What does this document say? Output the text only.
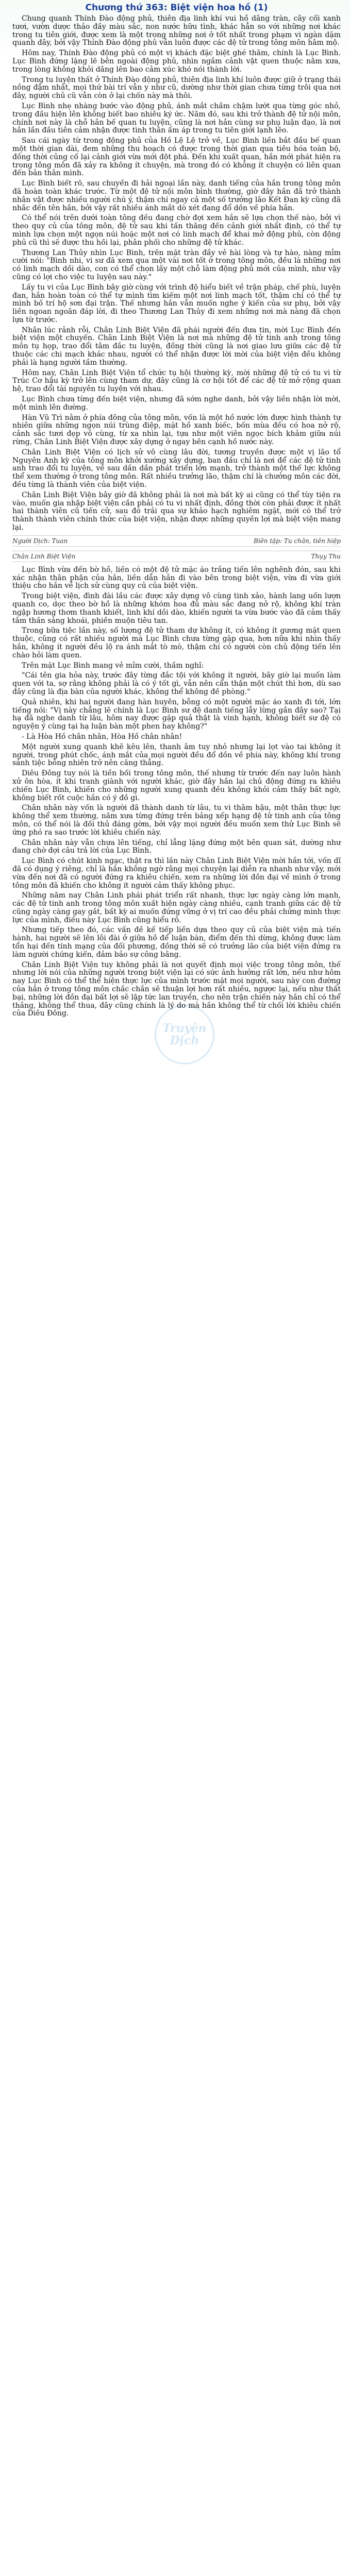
Chương thứ 363: Biệt viện hoa hồ (1)
Truyện
Dịch

Chung quanh Thính Đào động phủ, thiên địa linh khí vui hồ dâng tràn, cây cối xanh tươi, vườn dược thảo đầy màu sắc, non nước hữu tình, khác hẳn so với những nơi khác trong tu tiên giới, được xem là một trong những nơi ở tốt nhất trong phạm vi ngàn dặm quanh đây, bởi vậy Thính Đào động phủ vẫn luôn được các đệ tử trong tông môn hâm mộ.

Hôm nay, Thính Đào động phủ có một vị khách đặc biệt ghé thăm, chính là Lục Bình. Lục Bình đứng lặng lẽ bên ngoài động phủ, nhìn ngắm cảnh vật quen thuộc năm xưa, trong lòng không khỏi dâng lên bao cảm xúc khó nói thành lời.

Trong tu luyện thất ở Thính Đào động phủ, thiên địa linh khí luôn được giữ ở trạng thái nồng đậm nhất, mọi thứ bài trí vẫn y như cũ, dường như thời gian chưa từng trôi qua nơi đây, người chủ cũ vẫn còn ở lại chốn này mà thôi.

Lục Bình nhẹ nhàng bước vào động phủ, ánh mắt chầm chậm lướt qua từng góc nhỏ, trong đầu hiện lên không biết bao nhiêu ký ức. Năm đó, sau khi trở thành đệ tử nội môn, chính nơi này là chỗ hắn bế quan tu luyện, cũng là nơi hắn cùng sư phụ luận đạo, là nơi hắn lần đầu tiên cảm nhận được tình thân ấm áp trong tu tiên giới lạnh lẽo.

Sau cái ngày từ trong động phủ của Hồ Lệ Lệ trở về, Lục Bình liền bắt đầu bế quan một thời gian dài, đem những thu hoạch có được trong thời gian qua tiêu hóa toàn bộ, đồng thời củng cố lại cảnh giới vừa mới đột phá. Đến khi xuất quan, hắn mới phát hiện ra trong tông môn đã xảy ra không ít chuyện, mà trong đó có không ít chuyện có liên quan đến bản thân mình.

Lục Bình biết rõ, sau chuyến đi hải ngoại lần này, danh tiếng của hắn trong tông môn đã hoàn toàn khác trước. Từ một đệ tử nội môn bình thường, giờ đây hắn đã trở thành nhân vật được nhiều người chú ý, thậm chí ngay cả một số trưởng lão Kết Đan kỳ cũng đã nhắc đến tên hắn, bởi vậy rất nhiều ánh mắt dò xét đang đổ dồn về phía hắn.

Có thể nói trên dưới toàn tông đều đang chờ đợi xem hắn sẽ lựa chọn thế nào, bởi vì theo quy củ của tông môn, đệ tử sau khi tấn thăng đến cảnh giới nhất định, có thể tự mình lựa chọn một ngọn núi hoặc một nơi có linh mạch để khai mở động phủ, còn động phủ cũ thì sẽ được thu hồi lại, phân phối cho những đệ tử khác.

Thương Lan Thủy nhìn Lục Bình, trên mặt tràn đầy vẻ hài lòng và tự hào, nàng mỉm cười nói: "Bình nhi, vi sư đã xem qua một vài nơi tốt ở trong tông môn, đều là những nơi có linh mạch dồi dào, con có thể chọn lấy một chỗ làm động phủ mới của mình, như vậy cũng có lợi cho việc tu luyện sau này."

Lấy tu vi của Lục Bình bây giờ cùng với trình độ hiểu biết về trận pháp, chế phù, luyện đan, hắn hoàn toàn có thể tự mình tìm kiếm một nơi linh mạch tốt, thậm chí có thể tự mình bố trí hộ sơn đại trận. Thế nhưng hắn vẫn muốn nghe ý kiến của sư phụ, bởi vậy liền ngoan ngoãn đáp lời, đi theo Thương Lan Thủy đi xem những nơi mà nàng đã chọn lựa từ trước.

Nhân lúc rảnh rỗi, Chân Linh Biệt Viện đã phái người đến đưa tin, mời Lục Bình đến biệt viện một chuyến. Chân Linh Biệt Viện là nơi mà những đệ tử tinh anh trong tông môn tụ họp, trao đổi tâm đắc tu luyện, đồng thời cũng là nơi giao lưu giữa các đệ tử thuộc các chi mạch khác nhau, người có thể nhận được lời mời của biệt viện đều không phải là hạng người tầm thường.

Hôm nay, Chân Linh Biệt Viện tổ chức tụ hội thường kỳ, mời những đệ tử có tu vi từ Trúc Cơ hậu kỳ trở lên cùng tham dự, đây cũng là cơ hội tốt để các đệ tử mở rộng quan hệ, trao đổi tài nguyên tu luyện với nhau.

Lục Bình chưa từng đến biệt viện, nhưng đã sớm nghe danh, bởi vậy liền nhận lời mời, một mình lên đường.

Hàn Vũ Trì nằm ở phía đông của tông môn, vốn là một hồ nước lớn được hình thành tự nhiên giữa những ngọn núi trùng điệp, mặt hồ xanh biếc, bốn mùa đều có hoa nở rộ, cảnh sắc tươi đẹp vô cùng, từ xa nhìn lại, tựa như một viên ngọc bích khảm giữa núi rừng, Chân Linh Biệt Viện được xây dựng ở ngay bên cạnh hồ nước này.

Chân Linh Biệt Viện có lịch sử vô cùng lâu đời, tương truyền được một vị lão tổ Nguyên Anh kỳ của tông môn khởi xướng xây dựng, ban đầu chỉ là nơi để các đệ tử tinh anh trao đổi tu luyện, về sau dần dần phát triển lớn mạnh, trở thành một thế lực không thể xem thường ở trong tông môn. Rất nhiều trưởng lão, thậm chí là chưởng môn các đời, đều từng là thành viên của biệt viện.

Chân Linh Biệt Viện bây giờ đã không phải là nơi mà bất kỳ ai cũng có thể tùy tiện ra vào, muốn gia nhập biệt viện cần phải có tu vi nhất định, đồng thời còn phải được ít nhất hai thành viên cũ tiến cử, sau đó trải qua sự khảo hạch nghiêm ngặt, mới có thể trở thành thành viên chính thức của biệt viện, nhận được những quyền lợi mà biệt viện mang lại.

Người Dịch: Tuan	Biên tập: Tu chân, tiên hiệp
Chân Linh Biệt Viện	Thụy Thu

Lục Bình vừa đến bờ hồ, liền có một đệ tử mặc áo trắng tiến lên nghênh đón, sau khi xác nhận thân phận của hắn, liền dẫn hắn đi vào bên trong biệt viện, vừa đi vừa giới thiệu cho hắn về lịch sử cùng quy củ của biệt viện.

Trong biệt viện, đình đài lầu các được xây dựng vô cùng tinh xảo, hành lang uốn lượn quanh co, dọc theo bờ hồ là những khóm hoa đủ màu sắc đang nở rộ, không khí tràn ngập hương thơm thanh khiết, linh khí dồi dào, khiến người ta vừa bước vào đã cảm thấy tâm thần sảng khoái, phiền muộn tiêu tan.

Trong bữa tiệc lần này, số lượng đệ tử tham dự không ít, có không ít gương mặt quen thuộc, cũng có rất nhiều người mà Lục Bình chưa từng gặp qua, hơn nữa khi nhìn thấy hắn, không ít người đều lộ ra ánh mắt tò mò, thậm chí có người còn chủ động tiến lên chào hỏi làm quen.

Trên mặt Lục Bình mang vẻ mỉm cười, thầm nghĩ:

"Cái tên gia hỏa này, trước đây từng đắc tội với không ít người, bây giờ lại muốn làm quen với ta, sợ rằng không phải là có ý tốt gì, vẫn nên cẩn thận một chút thì hơn, dù sao đây cũng là địa bàn của người khác, không thể không đề phòng."

Quả nhiên, khi hai người đang hàn huyên, bỗng có một người mặc áo xanh đi tới, lớn tiếng nói: "Vị này chẳng lẽ chính là Lục Bình sư đệ danh tiếng lẫy lừng gần đây sao? Tại hạ đã nghe danh từ lâu, hôm nay được gặp quả thật là vinh hạnh, không biết sư đệ có nguyện ý cùng tại hạ luận bàn một phen hay không?"

- Là Hòa Hồ chân nhân, Hòa Hồ chân nhân!

Một người xung quanh khẽ kêu lên, thanh âm tuy nhỏ nhưng lại lọt vào tai không ít người, trong phút chốc, ánh mắt của mọi người đều đổ dồn về phía này, không khí trong sảnh tiệc bỗng nhiên trở nên căng thẳng.

Diêu Đông tuy nói là tiền bối trong tông môn, thế nhưng từ trước đến nay luôn hành xử ôn hòa, ít khi tranh giành với người khác, giờ đây hắn lại chủ động đứng ra khiêu chiến Lục Bình, khiến cho những người xung quanh đều không khỏi cảm thấy bất ngờ, không biết rốt cuộc hắn có ý đồ gì.

Chân nhân này vốn là người đã thành danh từ lâu, tu vi thâm hậu, một thân thực lực không thể xem thường, năm xưa từng đứng trên bảng xếp hạng đệ tử tinh anh của tông môn, có thể nói là đối thủ đáng gờm, bởi vậy mọi người đều muốn xem thử Lục Bình sẽ ứng phó ra sao trước lời khiêu chiến này.

Chân nhân này vẫn chưa lên tiếng, chỉ lẳng lặng đứng một bên quan sát, dường như đang chờ đợi câu trả lời của Lục Bình.

Lục Bình có chút kinh ngạc, thật ra thì lần này Chân Linh Biệt Viện mời hắn tới, vốn dĩ đã có dụng ý riêng, chỉ là hắn không ngờ rằng mọi chuyện lại diễn ra nhanh như vậy, mới vừa đến nơi đã có người đứng ra khiêu chiến, xem ra những lời đồn đại về mình ở trong tông môn đã khiến cho không ít người cảm thấy không phục.

Những năm nay Chân Linh phái phát triển rất nhanh, thực lực ngày càng lớn mạnh, các đệ tử tinh anh trong tông môn xuất hiện ngày càng nhiều, cạnh tranh giữa các đệ tử cũng ngày càng gay gắt, bất kỳ ai muốn đứng vững ở vị trí cao đều phải chứng minh thực lực của mình, điều này Lục Bình cũng hiểu rõ.

Nhưng tiếp theo đó, các vấn đề kế tiếp liền dựa theo quy củ của biệt viện mà tiến hành, hai người sẽ lên lôi đài ở giữa hồ để luận bàn, điểm đến thì dừng, không được làm tổn hại đến tính mạng của đối phương, đồng thời sẽ có trưởng lão của biệt viện đứng ra làm người chứng kiến, đảm bảo sự công bằng.

Chân Linh Biệt Viện tuy không phải là nơi quyết định mọi việc trong tông môn, thế nhưng lời nói của những người trong biệt viện lại có sức ảnh hưởng rất lớn, nếu như hôm nay Lục Bình có thể thể hiện thực lực của mình trước mặt mọi người, sau này con đường của hắn ở trong tông môn chắc chắn sẽ thuận lợi hơn rất nhiều, ngược lại, nếu như thất bại, những lời đồn đại bất lợi sẽ lập tức lan truyền, cho nên trận chiến này hắn chỉ có thể thắng, không thể thua, đây cũng chính là lý do mà hắn không thể từ chối lời khiêu chiến của Diêu Đông.
